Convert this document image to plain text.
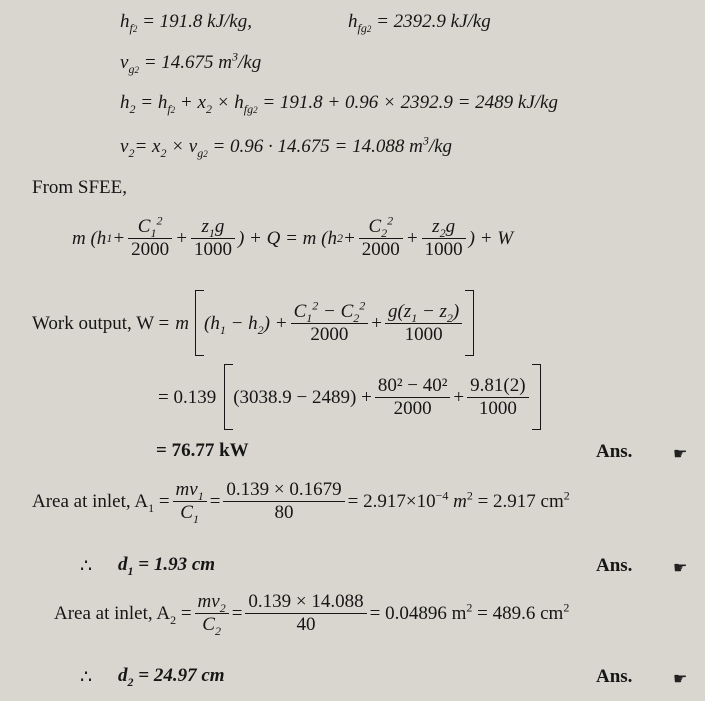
$h_{f2} = 191.8$ kJ/kg,	$h_{fg2} = 2392.9$ kJ/kg
$v_{g2} = 14.675$ $m^3/kg$
$h_2 = h_{f2} + x_2 \times h_{fg2} = 191.8 + 0.96 \times 2392.9 = 2489$ kJ/kg
$v_2= x_2 \times v_{g2} = 0.96 \cdot 14.675 = 14.088$ $m^3/kg$
From SFEE,
m (h $1 + \frac{C_1^2}{2000} + \frac{z_1g}{1000}$ ) + Q = m (h $2 + \frac{C_2^2}{2000} + \frac{z_2g}{1000}$ ) + W
Work output, W = m $(h_1 - h_2) + \frac{C_1^2 - C_2^2}{2000} + \frac{g(z_1 - z_2)}{1000}$
= 0.139 $(3038.9 - 2489) + \frac{\text{80² − 40²}}{2000} + \frac{9.81(2)}{1000}$
= 76.77 kW	Ans.	☛
Area at inlet, $A_1 = \frac{mv_1}{C_1} = \frac{0.139 \times 0.1679}{80} = 2.917\times 10^{-4}$ $m^2 = 2.917$ $cm^2$
∴ $d_1 = 1.93$ cm	Ans.	☛
Area at inlet, $A_2 = \frac{mv_2}{C_2} = \frac{0.139 \times 14.088}{40} = 0.04896$ $m^2 = 489.6$ $cm^2$
∴ $d_2 = 24.97$ cm	Ans.	☛
